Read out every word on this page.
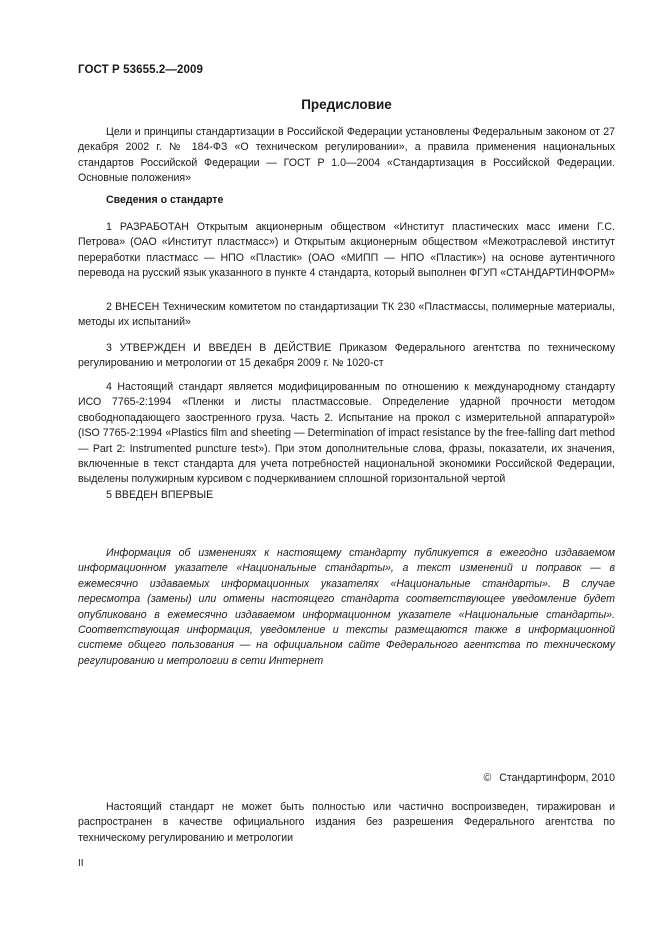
ГОСТ Р 53655.2—2009
Предисловие

Цели и принципы стандартизации в Российской Федерации установлены Федеральным законом от 27 декабря 2002 г. № 184-ФЗ «О техническом регулировании», а правила применения национальных стандартов Российской Федерации — ГОСТ Р 1.0—2004 «Стандартизация в Российской Федерации. Основные положения»

Сведения о стандарте

1 РАЗРАБОТАН Открытым акционерным обществом «Институт пластических масс имени Г.С. Петрова» (ОАО «Институт пластмасс») и Открытым акционерным обществом «Межотраслевой институт переработки пластмасс — НПО «Пластик» (ОАО «МИПП — НПО «Пластик») на основе аутентичного перевода на русский язык указанного в пункте 4 стандарта, который выполнен ФГУП «СТАНДАРТИНФОРМ»

2 ВНЕСЕН Техническим комитетом по стандартизации ТК 230 «Пластмассы, полимерные материалы, методы их испытаний»

3 УТВЕРЖДЕН И ВВЕДЕН В ДЕЙСТВИЕ Приказом Федерального агентства по техническому регулированию и метрологии от 15 декабря 2009 г. № 1020-ст

4 Настоящий стандарт является модифицированным по отношению к международному стандарту ИСО 7765-2:1994 «Пленки и листы пластмассовые. Определение ударной прочности методом свободнопадающего заостренного груза. Часть 2. Испытание на прокол с измерительной аппаратурой» (ISO 7765-2:1994 «Plastics film and sheeting — Determination of impact resistance by the free-falling dart method — Part 2: Instrumented puncture test»). При этом дополнительные слова, фразы, показатели, их значения, включенные в текст стандарта для учета потребностей национальной экономики Российской Федерации, выделены полужирным курсивом с подчеркиванием сплошной горизонтальной чертой

5 ВВЕДЕН ВПЕРВЫЕ

Информация об изменениях к настоящему стандарту публикуется в ежегодно издаваемом информационном указателе «Национальные стандарты», а текст изменений и поправок — в ежемесячно издаваемых информационных указателях «Национальные стандарты». В случае пересмотра (замены) или отмены настоящего стандарта соответствующее уведомление будет опубликовано в ежемесячно издаваемом информационном указателе «Национальные стандарты». Соответствующая информация, уведомление и тексты размещаются также в информационной системе общего пользования — на официальном сайте Федерального агентства по техническому регулированию и метрологии в сети Интернет

© Стандартинформ, 2010

Настоящий стандарт не может быть полностью или частично воспроизведен, тиражирован и распространен в качестве официального издания без разрешения Федерального агентства по техническому регулированию и метрологии

II
